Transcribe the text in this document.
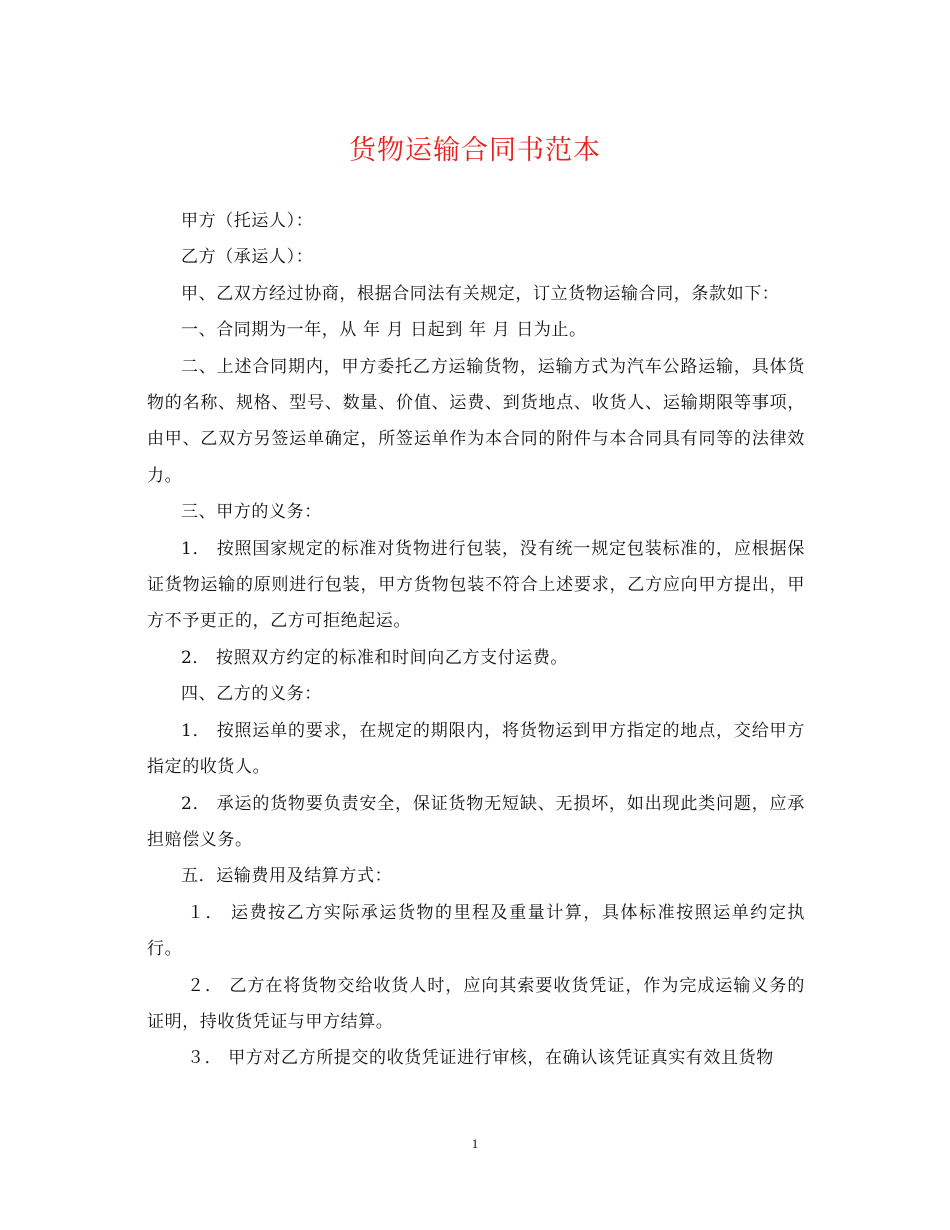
货物运输合同书范本

甲方（托运人）：

乙方（承运人）：

甲、乙双方经过协商，根据合同法有关规定，订立货物运输合同，条款如下：

一、合同期为一年，从 年 月 日起到 年 月 日为止。

二、上述合同期内，甲方委托乙方运输货物，运输方式为汽车公路运输，具体货物的名称、规格、型号、数量、价值、运费、到货地点、收货人、运输期限等事项，由甲、乙双方另签运单确定，所签运单作为本合同的附件与本合同具有同等的法律效力。

三、甲方的义务：

1． 按照国家规定的标准对货物进行包装，没有统一规定包装标准的，应根据保证货物运输的原则进行包装，甲方货物包装不符合上述要求，乙方应向甲方提出，甲方不予更正的，乙方可拒绝起运。

2． 按照双方约定的标准和时间向乙方支付运费。

四、乙方的义务：

1． 按照运单的要求，在规定的期限内，将货物运到甲方指定的地点，交给甲方指定的收货人。

2． 承运的货物要负责安全，保证货物无短缺、无损坏，如出现此类问题，应承担赔偿义务。

五．运输费用及结算方式：

１． 运费按乙方实际承运货物的里程及重量计算，具体标准按照运单约定执行。

２． 乙方在将货物交给收货人时，应向其索要收货凭证，作为完成运输义务的证明，持收货凭证与甲方结算。

３． 甲方对乙方所提交的收货凭证进行审核，在确认该凭证真实有效且货物

1
